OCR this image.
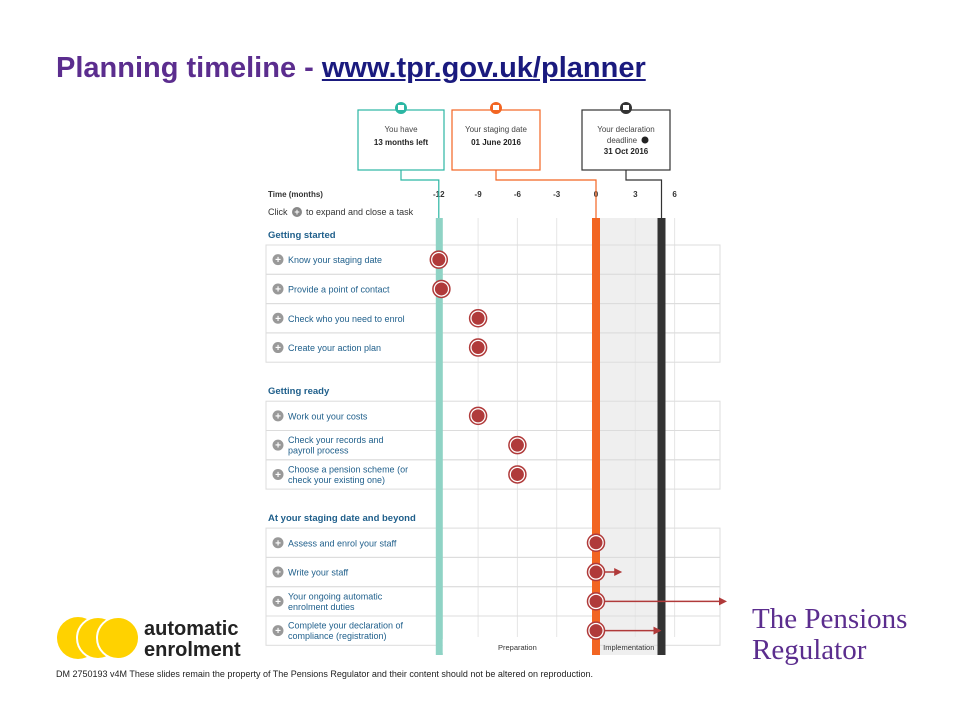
Planning timeline - www.tpr.gov.uk/planner
Time (months)	-12	-9	-6	-3	0	3	6
Click + to expand and close a task
Getting started
Getting ready
At your staging date and beyond
+ Know your staging date
+ Provide a point of contact
+ Check who you need to enrol
+ Create your action plan
+ Work out your costs
+
Check your records and
payroll process
+
Choose a pension scheme (or
check your existing one)
+ Assess and enrol your staff
+ Write your staff
+
Your ongoing automatic
enrolment duties
+
Complete your declaration of
compliance (registration)
Preparation	Implementation
You have
13 months left
Your staging date
01 June 2016
Your declaration
deadline
31 Oct 2016
automatic
enrolment
The Pensions
Regulator
DM 2750193 v4M These slides remain the property of The Pensions Regulator and their content should not be altered on reproduction.
